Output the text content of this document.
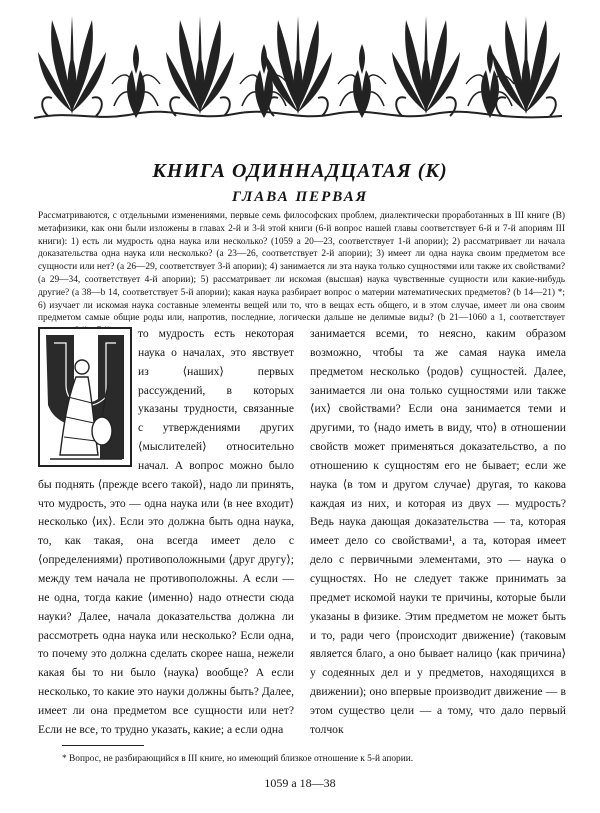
КНИГА ОДИННАДЦАТАЯ (К)
ГЛАВА ПЕРВАЯ

Рассматриваются, с отдельными изменениями, первые семь философских проблем, диалектически проработанных в III книге (В) метафизики, как они были изложены в главах 2-й и 3-й этой книги (6-й вопрос нашей главы соответствует 6-й и 7-й апориям III книги): 1) есть ли мудрость одна наука или несколько? (1059 a 20—23, соответствует 1-й апории); 2) рассматривает ли начала доказательства одна наука или несколько? (a 23—26, соответствует 2-й апории); 3) имеет ли одна наука своим предметом все сущности или нет? (a 26—29, соответствует 3-й апории); 4) занимается ли эта наука только сущностями или также их свойствами? (a 29—34, соответствует 4-й апории); 5) рассматривает ли искомая (высшая) наука чувственные сущности или какие-нибудь другие? (a 38—b 14, соответствует 5-й апории); какая наука разбирает вопрос о материи математических предметов? (b 14—21) *; 6) изучает ли искомая наука составные элементы вещей или то, что в вещах есть общего, и в этом случае, имеет ли она своим предметом самые общие роды или, напротив, последние, логически дальше не делимые виды? (b 21—1060 a 1, соответствует

то мудрость есть некоторая наука о началах, это явствует из ⟨наших⟩ первых рассуждений, в которых указаны трудности, связанные с утверждениями других ⟨мыслителей⟩ относительно начал. А вопрос можно было бы поднять ⟨прежде всего такой⟩, надо ли принять, что мудрость, это — одна наука или ⟨в нее входит⟩ несколько ⟨их⟩. Если это должна быть одна наука, то, как такая, она всегда имеет дело с ⟨определениями⟩ противоположными ⟨друг другу⟩; между тем начала не противоположны. А если — не одна, тогда какие ⟨именно⟩ надо отнести сюда науки? Далее, начала доказательства должна ли рассмотреть одна наука или несколько? Если одна, то почему это должна сделать скорее наша, нежели какая бы то ни было ⟨наука⟩ вообще? А если несколько, то какие это науки должны быть? Далее, имеет ли она предметом все сущности или нет? Если не все, то трудно указать, какие; а если одна

занимается всеми, то неясно, каким образом возможно, чтобы та же самая наука имела предметом несколько ⟨родов⟩ сущностей. Далее, занимается ли она только сущностями или также ⟨их⟩ свойствами? Если она занимается теми и другими, то ⟨надо иметь в виду, что⟩ в отношении свойств может применяться доказательство, а по отношению к сущностям его не бывает; если же наука ⟨в том и другом случае⟩ другая, то какова каждая из них, и которая из двух — мудрость? Ведь наука дающая доказательства — та, которая имеет дело со свойствами¹, а та, которая имеет дело с первичными элементами, это — наука о сущностях. Но не следует также принимать за предмет искомой науки те причины, которые были указаны в физике. Этим предметом не может быть и то, ради чего ⟨происходит движение⟩ (таковым является благо, а оно бывает налицо ⟨как причина⟩ у содеянных дел и у предметов, находящихся в движении); оно впервые производит движение — в этом существо цели — а тому, что дало первый толчок

* Вопрос, не разбирающийся в III книге, но имеющий близкое отношение к 5-й апории.

1059 a 18—38
